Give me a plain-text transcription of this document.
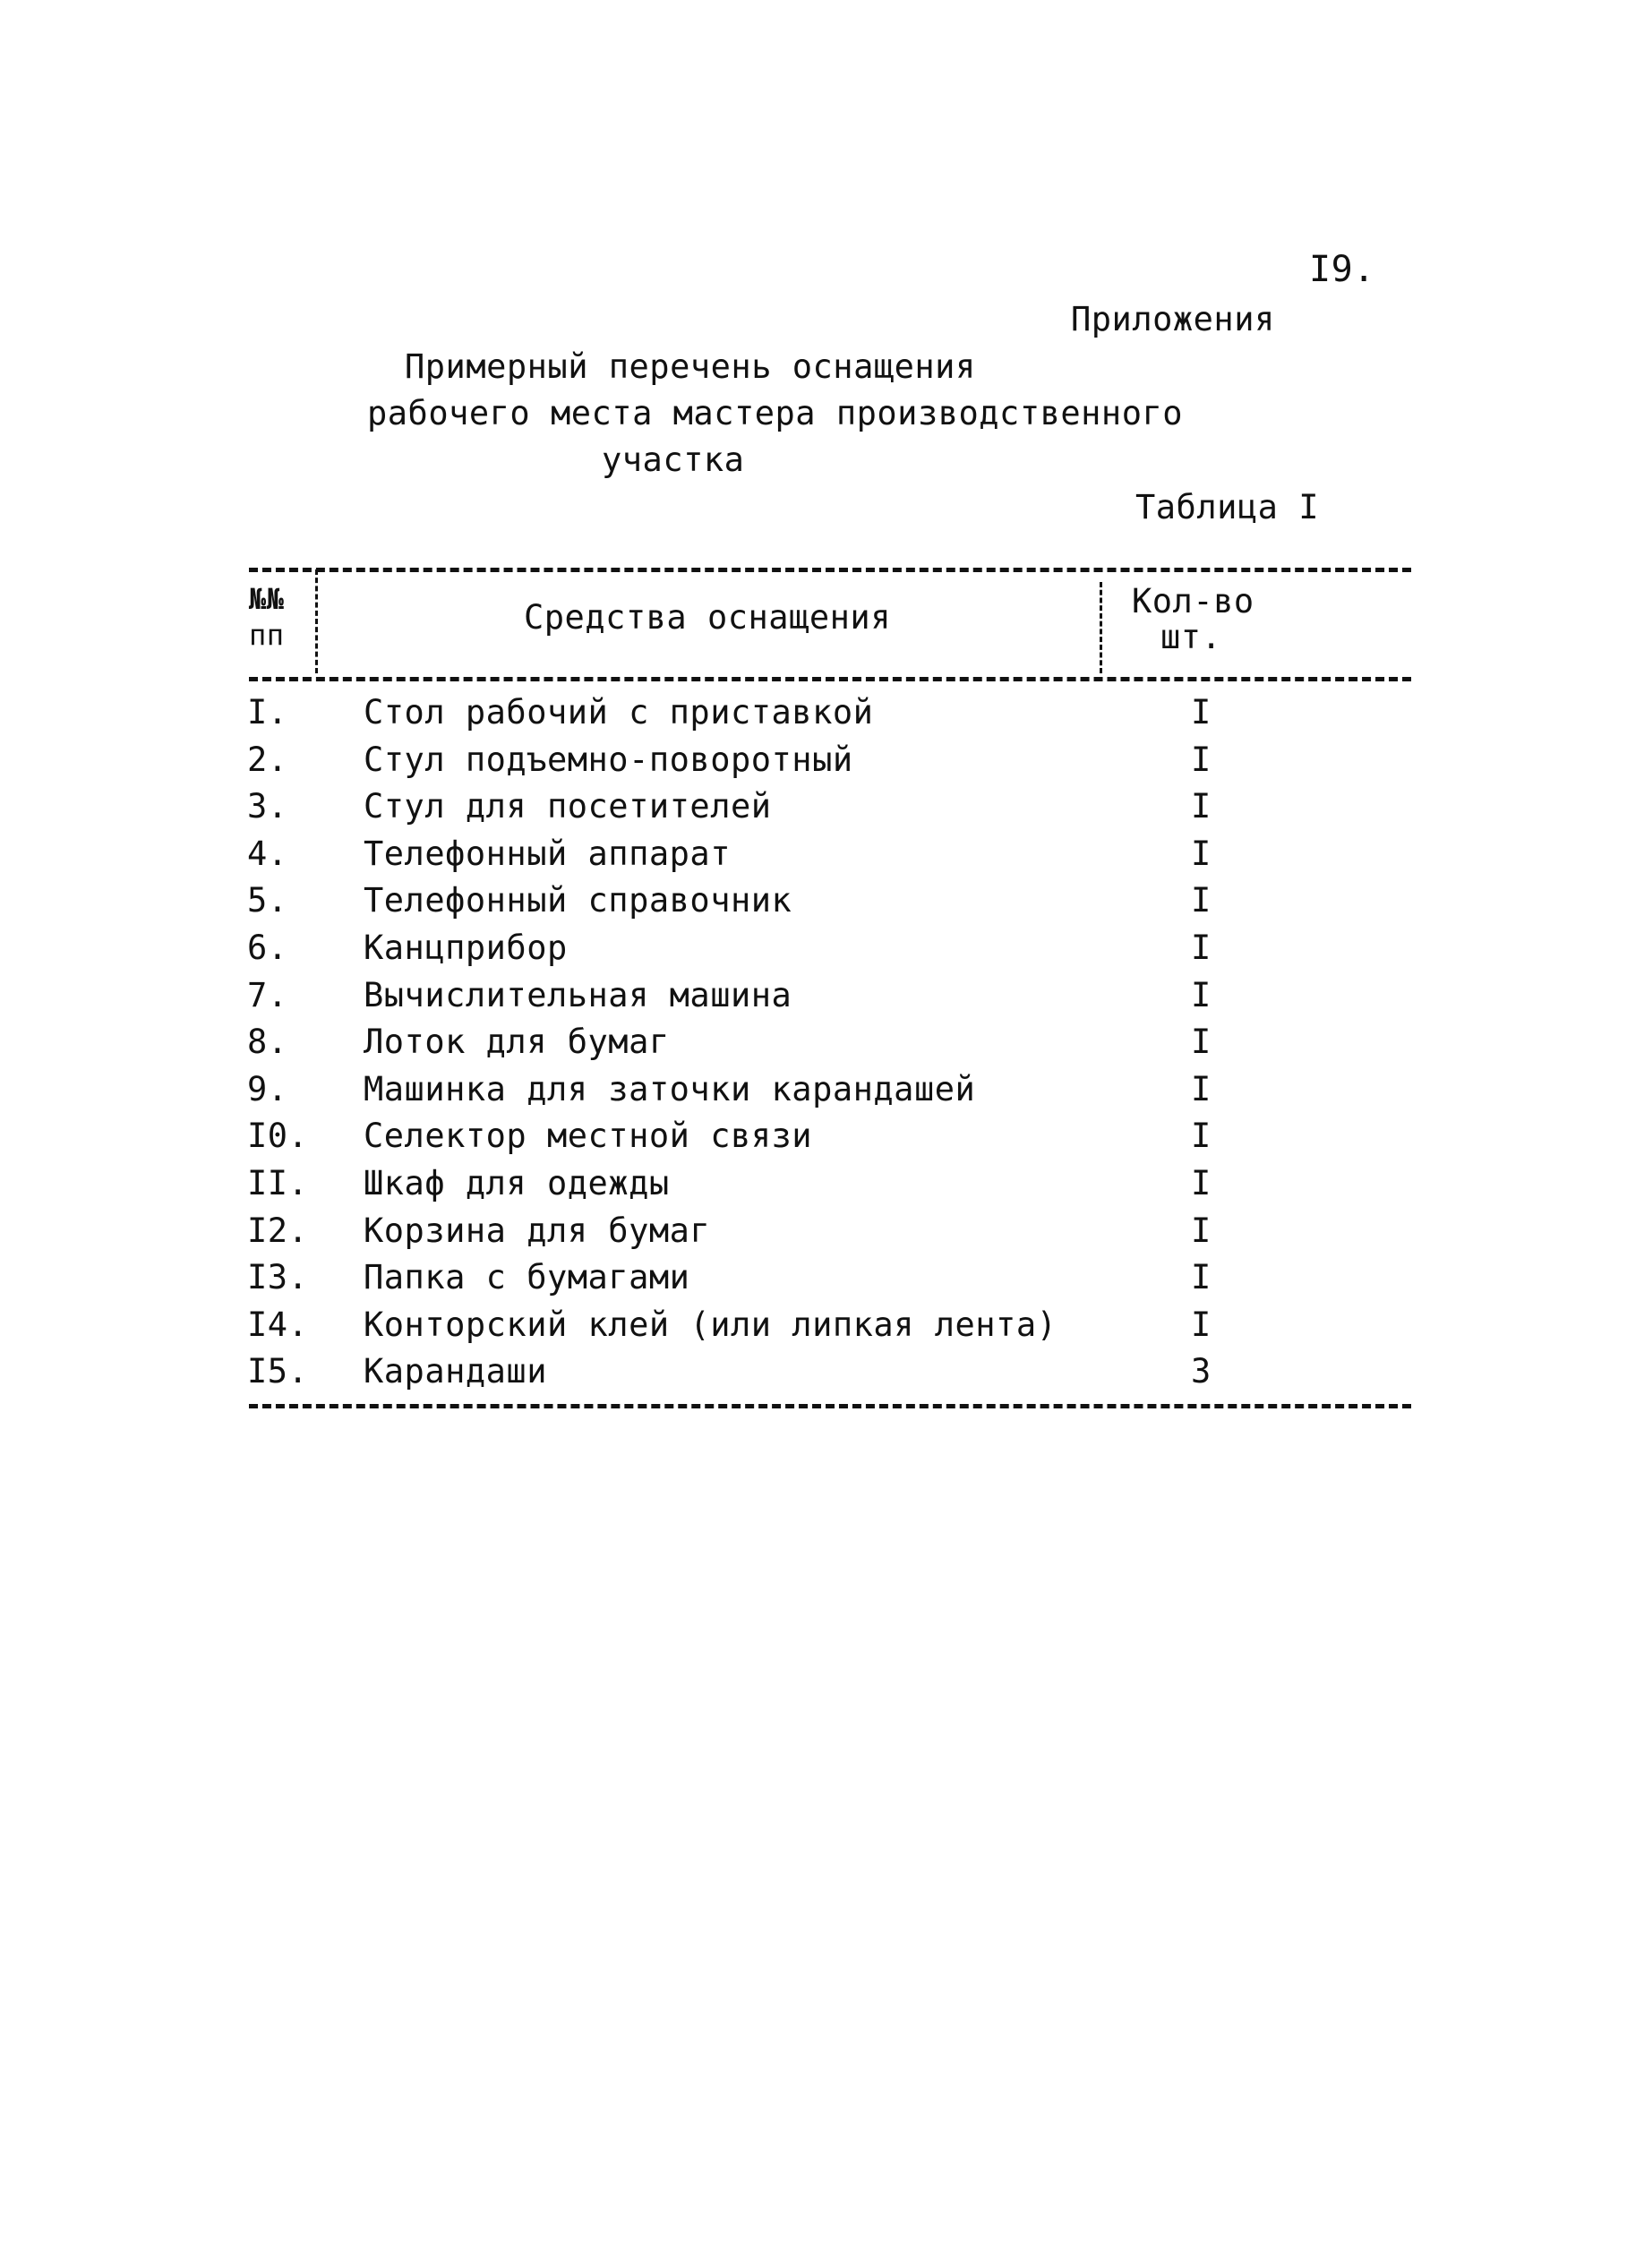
I9.
Приложения
Примерный перечень оснащения
рабочего места мастера производственного
участка
Таблица I
№№
пп	Средства оснащения	Кол-во
шт.
I. Стол рабочий с приставкой	I
2. Стул подъемно-поворотный	I
3. Стул для посетителей	I
4. Телефонный аппарат	I
5. Телефонный справочник	I
6. Канцприбор	I
7. Вычислительная машина	I
8. Лоток для бумаг	I
9. Машинка для заточки карандашей	I
I0. Селектор местной связи	I
II. Шкаф для одежды	I
I2. Корзина для бумаг	I
I3. Папка с бумагами	I
I4. Конторский клей (или липкая лента)	I
I5. Карандаши	3
